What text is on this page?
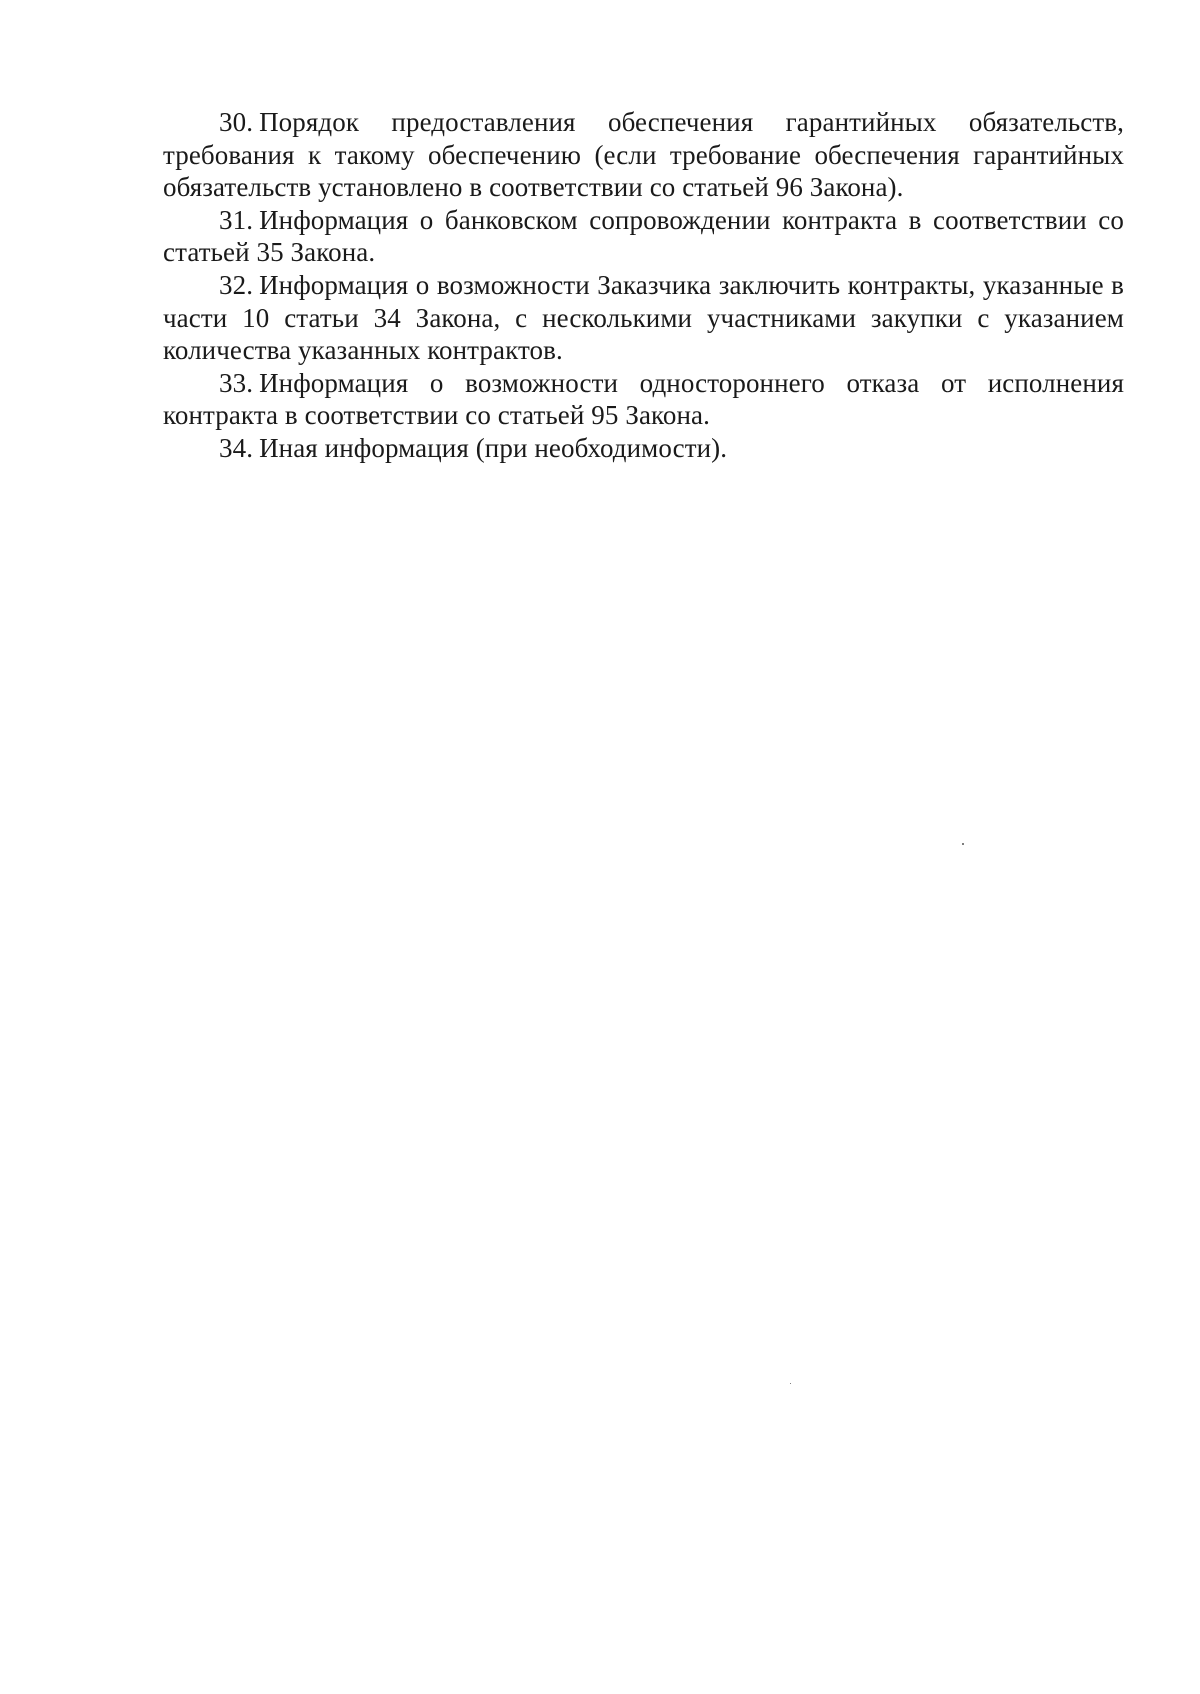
30. Порядок предоставления обеспечения гарантийных обязательств, требования к такому обеспечению (если требование обеспечения гарантийных обязательств установлено в соответствии со статьей 96 Закона).

31. Информация о банковском сопровождении контракта в соответствии со статьей 35 Закона.

32. Информация о возможности Заказчика заключить контракты, указанные в части 10 статьи 34 Закона, с несколькими участниками закупки с указанием количества указанных контрактов.

33. Информация о возможности одностороннего отказа от исполнения контракта в соответствии со статьей 95 Закона.

34. Иная информация (при необходимости).
